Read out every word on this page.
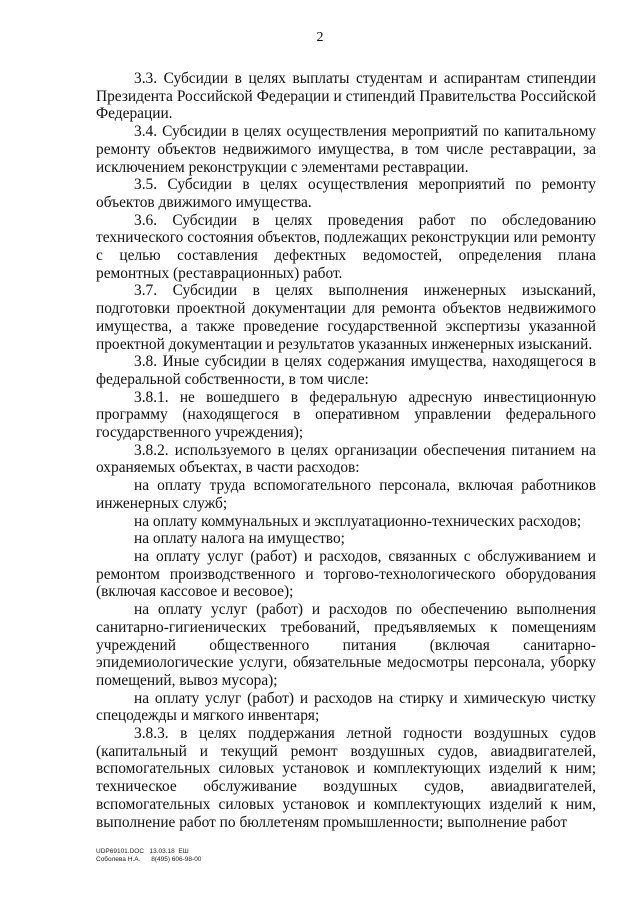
2

3.3. Субсидии в целях выплаты студентам и аспирантам стипендии Президента Российской Федерации и стипендий Правительства Российской Федерации.

3.4. Субсидии в целях осуществления мероприятий по капитальному ремонту объектов недвижимого имущества, в том числе реставрации, за исключением реконструкции с элементами реставрации.

3.5. Субсидии в целях осуществления мероприятий по ремонту объектов движимого имущества.

3.6. Субсидии в целях проведения работ по обследованию технического состояния объектов, подлежащих реконструкции или ремонту с целью составления дефектных ведомостей, определения плана ремонтных (реставрационных) работ.

3.7. Субсидии в целях выполнения инженерных изысканий, подготовки проектной документации для ремонта объектов недвижимого имущества, а также проведение государственной экспертизы указанной проектной документации и результатов указанных инженерных изысканий.

3.8. Иные субсидии в целях содержания имущества, находящегося в федеральной собственности, в том числе:

3.8.1. не вошедшего в федеральную адресную инвестиционную программу (находящегося в оперативном управлении федерального государственного учреждения);

3.8.2. используемого в целях организации обеспечения питанием на охраняемых объектах, в части расходов:

на оплату труда вспомогательного персонала, включая работников инженерных служб;

на оплату коммунальных и эксплуатационно-технических расходов;

на оплату налога на имущество;

на оплату услуг (работ) и расходов, связанных с обслуживанием и ремонтом производственного и торгово-технологического оборудования (включая кассовое и весовое);

на оплату услуг (работ) и расходов по обеспечению выполнения санитарно-гигиенических требований, предъявляемых к помещениям учреждений общественного питания (включая санитарно-эпидемиологические услуги, обязательные медосмотры персонала, уборку помещений, вывоз мусора);

на оплату услуг (работ) и расходов на стирку и химическую чистку спецодежды и мягкого инвентаря;

3.8.3. в целях поддержания летной годности воздушных судов (капитальный и текущий ремонт воздушных судов, авиадвигателей, вспомогательных силовых установок и комплектующих изделий к ним; техническое обслуживание воздушных судов, авиадвигателей, вспомогательных силовых установок и комплектующих изделий к ним, выполнение работ по бюллетеням промышленности; выполнение работ

UDP69101.DOC   13.03.18  ЕШ
Соболева Н.А.      8(495) 606-98-00
